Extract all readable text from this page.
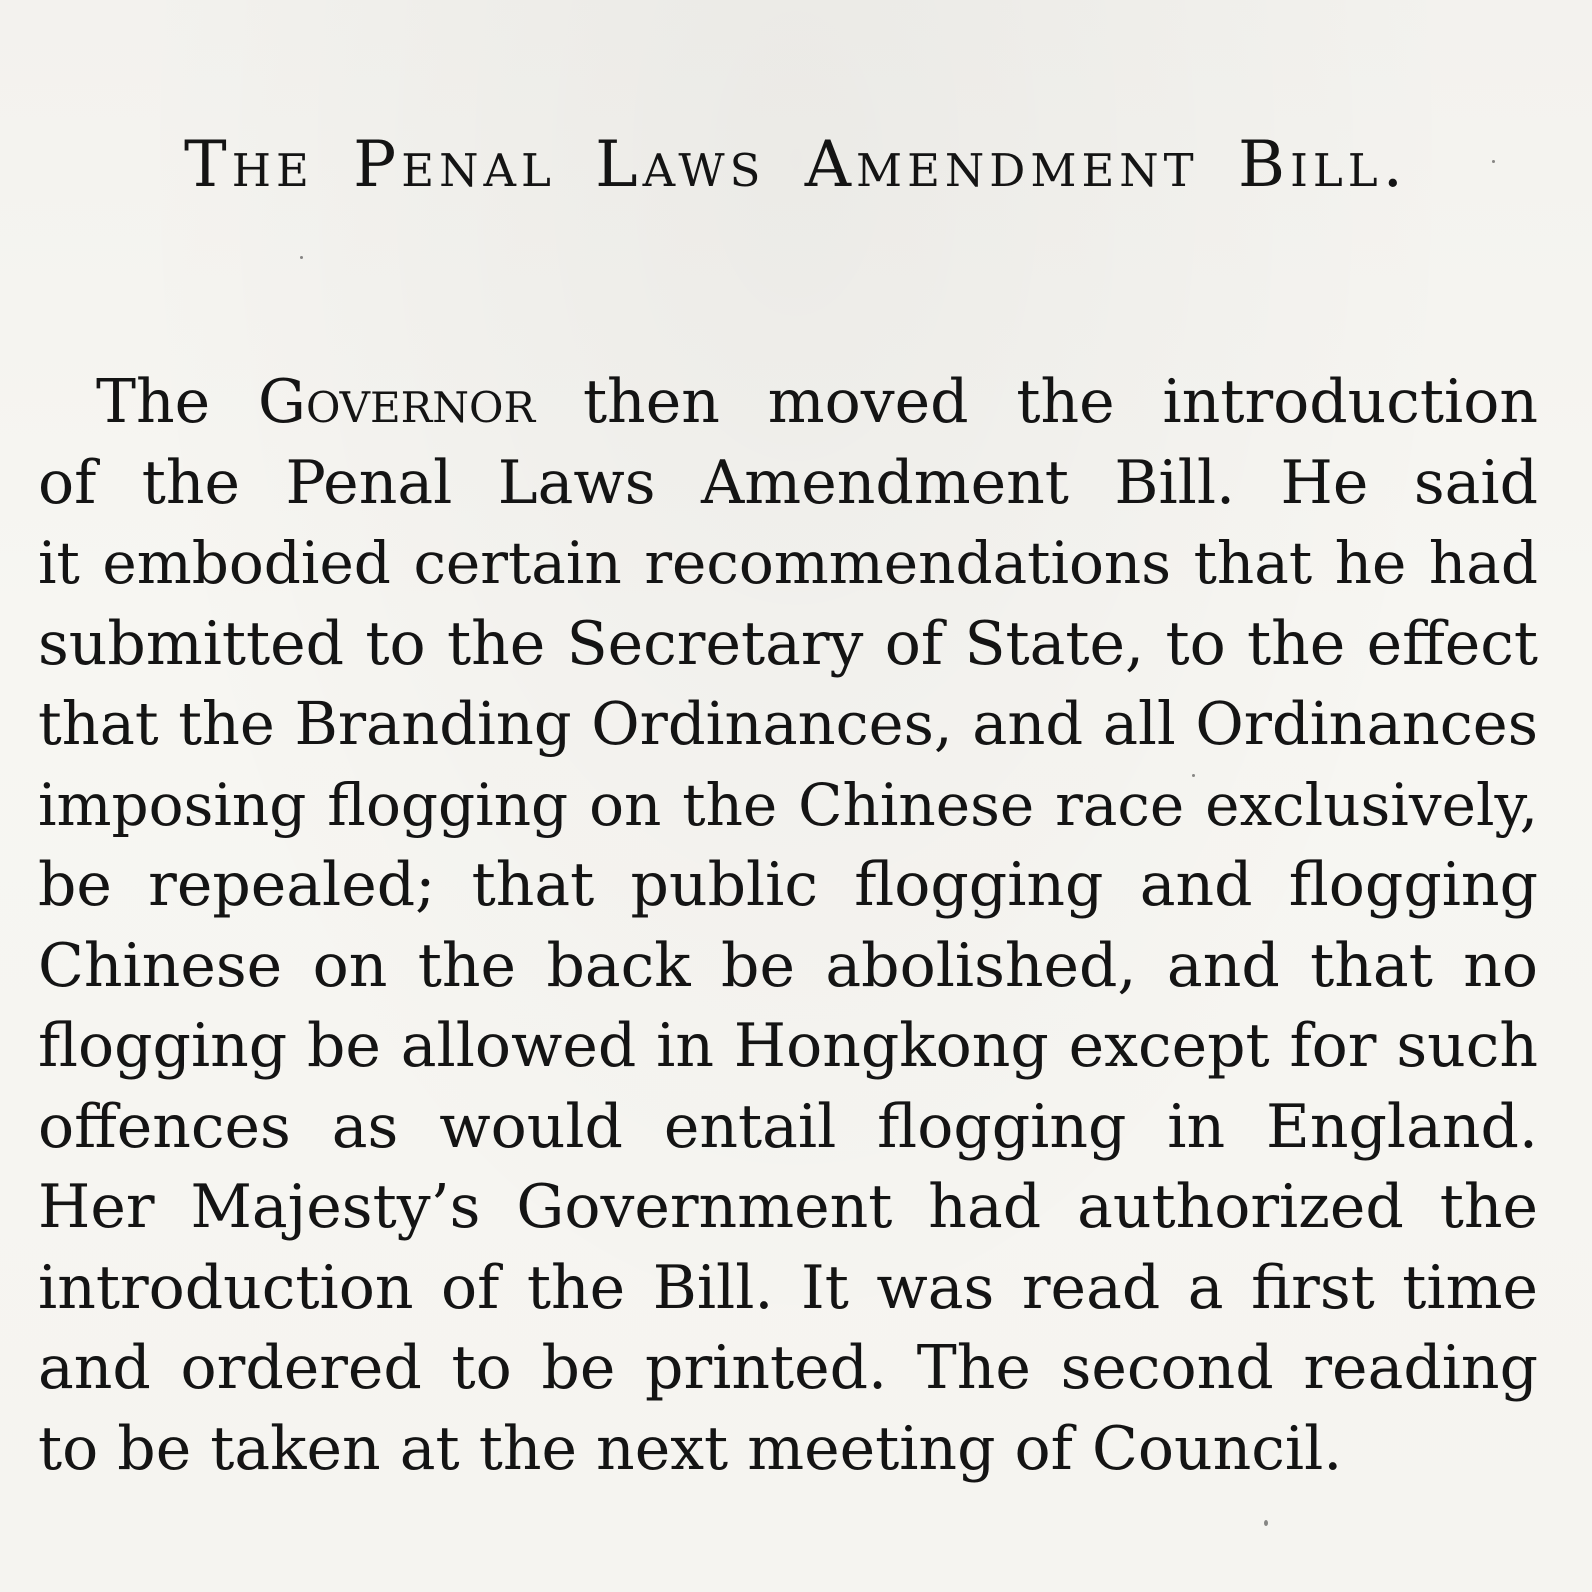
The Penal Laws Amendment Bill.
The Governor then moved the introduction
of the Penal Laws Amendment Bill. He said
it embodied certain recommendations that he had
submitted to the Secretary of State, to the effect
that the Branding Ordinances, and all Ordinances
imposing flogging on the Chinese race exclusively,
be repealed; that public flogging and flogging
Chinese on the back be abolished, and that no
flogging be allowed in Hongkong except for such
offences as would entail flogging in England.
Her Majesty’s Government had authorized the
introduction of the Bill. It was read a first time
and ordered to be printed. The second reading
to be taken at the next meeting of Council.
